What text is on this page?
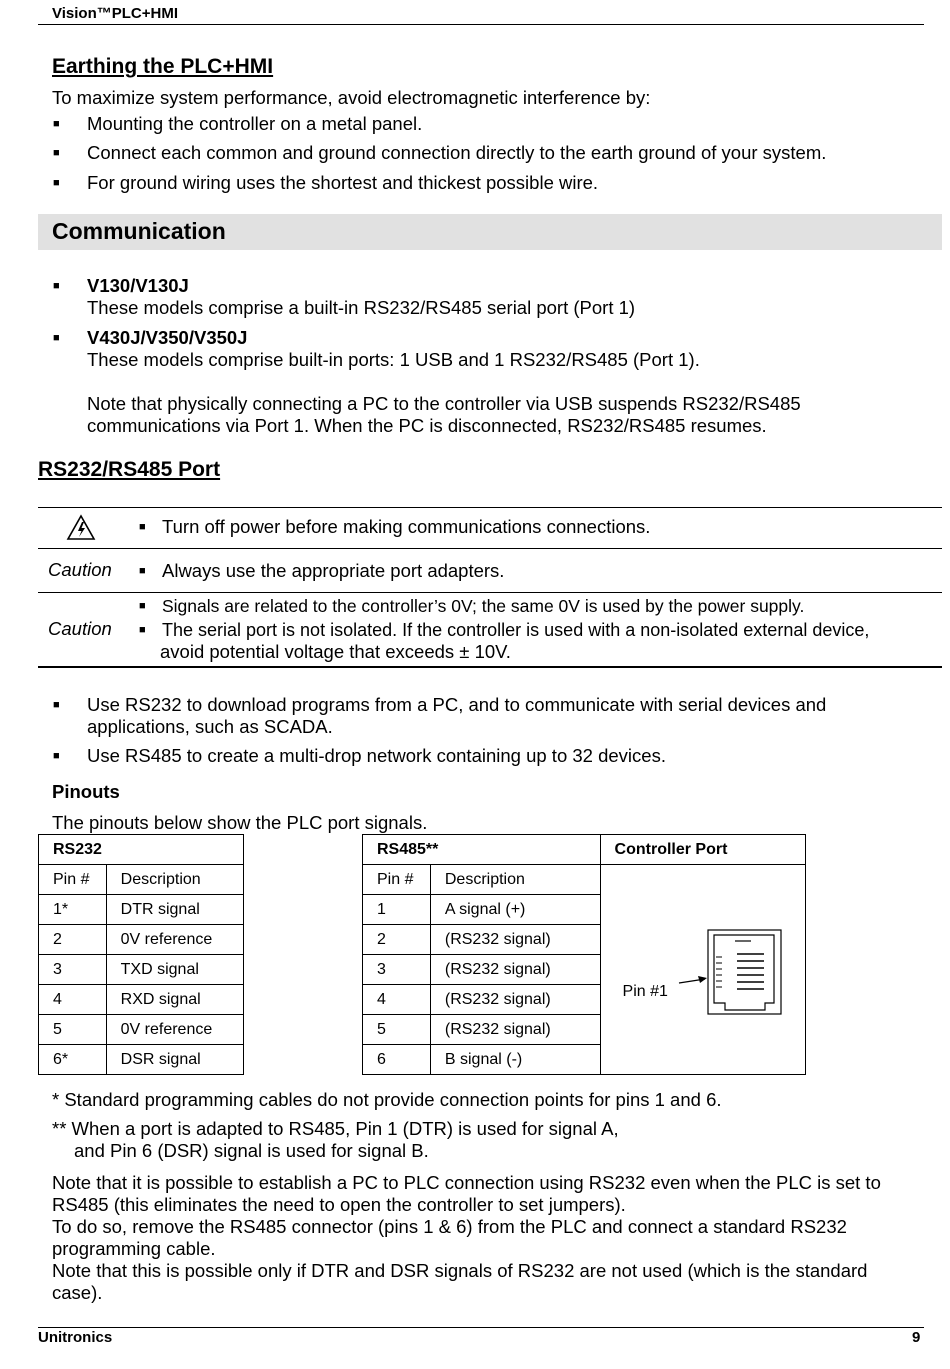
Vision™PLC+HMI
Earthing the PLC+HMI
To maximize system performance, avoid electromagnetic interference by:
■ Mounting the controller on a metal panel.
■ Connect each common and ground connection directly to the earth ground of your system.
■ For ground wiring uses the shortest and thickest possible wire.
Communication
■ V130/V130J
These models comprise a built-in RS232/RS485 serial port (Port 1)
■ V430J/V350/V350J
These models comprise built-in ports: 1 USB and 1 RS232/RS485 (Port 1).
Note that physically connecting a PC to the controller via USB suspends RS232/RS485
communications via Port 1. When the PC is disconnected, RS232/RS485 resumes.
RS232/RS485 Port
■ Turn off power before making communications connections.
Caution ■ Always use the appropriate port adapters.
Caution
■ Signals are related to the controller’s 0V; the same 0V is used by the power supply.
■ The serial port is not isolated. If the controller is used with a non-isolated external device,
avoid potential voltage that exceeds ± 10V.
■ Use RS232 to download programs from a PC, and to communicate with serial devices and
applications, such as SCADA.
■ Use RS485 to create a multi-drop network containing up to 32 devices.
Pinouts
The pinouts below show the PLC port signals.
RS232	
Pin #	Description
1*	DTR signal
2	0V reference
3	TXD signal
4	RXD signal
5	0V reference
6*	DSR signal
RS485**		Controller Port
Pin #	Description	Pin #1

1	A signal (+)	
2	(RS232 signal)	
3	(RS232 signal)	
4	(RS232 signal)	
5	(RS232 signal)	
6	B signal (-)	
* Standard programming cables do not provide connection points for pins 1 and 6.
** When a port is adapted to RS485, Pin 1 (DTR) is used for signal A,
and Pin 6 (DSR) signal is used for signal B.
Note that it is possible to establish a PC to PLC connection using RS232 even when the PLC is set to
RS485 (this eliminates the need to open the controller to set jumpers).
To do so, remove the RS485 connector (pins 1 & 6) from the PLC and connect a standard RS232
programming cable.
Note that this is possible only if DTR and DSR signals of RS232 are not used (which is the standard
case).
Unitronics	9
